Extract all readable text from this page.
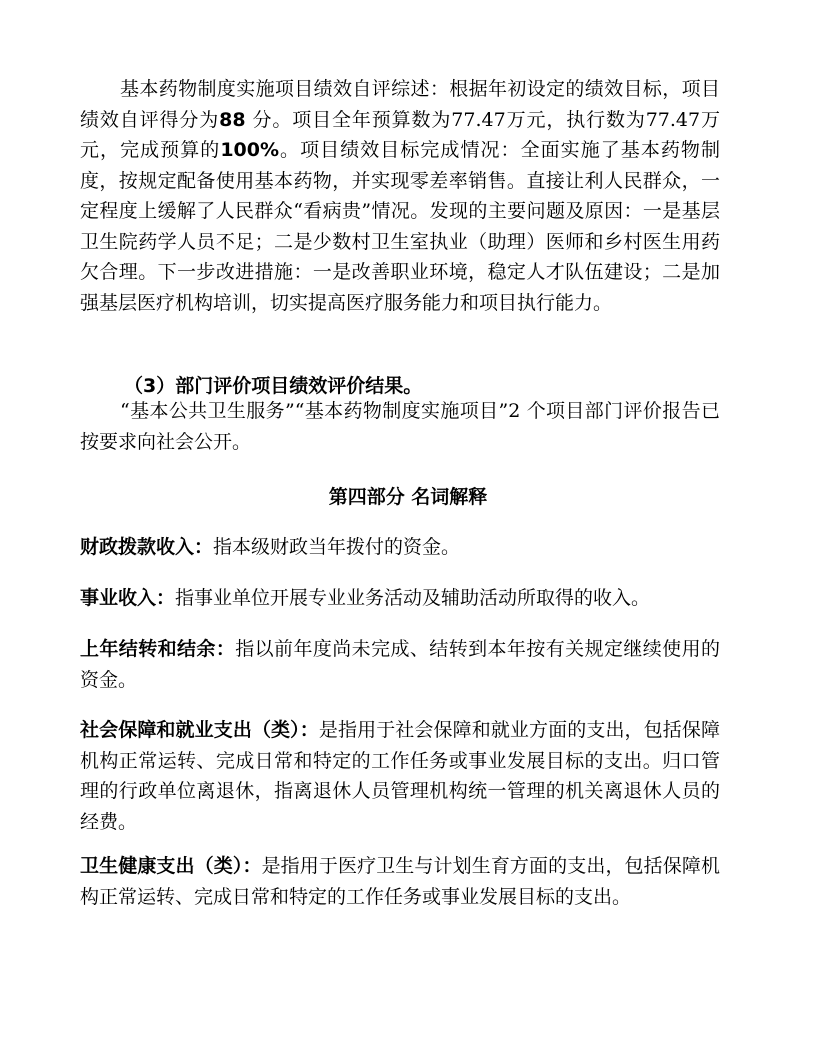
基本药物制度实施项目绩效自评综述：根据年初设定的绩效目标，项目绩效自评得分为88 分。项目全年预算数为77.47万元，执行数为77.47万元，完成预算的100%。项目绩效目标完成情况：全面实施了基本药物制度，按规定配备使用基本药物，并实现零差率销售。直接让利人民群众，一定程度上缓解了人民群众“看病贵”情况。发现的主要问题及原因：一是基层卫生院药学人员不足；二是少数村卫生室执业（助理）医师和乡村医生用药欠合理。下一步改进措施：一是改善职业环境，稳定人才队伍建设；二是加强基层医疗机构培训，切实提高医疗服务能力和项目执行能力。

（3）部门评价项目绩效评价结果。

“基本公共卫生服务”“基本药物制度实施项目”2 个项目部门评价报告已按要求向社会公开。

第四部分 名词解释

财政拨款收入：指本级财政当年拨付的资金。

事业收入：指事业单位开展专业业务活动及辅助活动所取得的收入。

上年结转和结余：指以前年度尚未完成、结转到本年按有关规定继续使用的资金。

社会保障和就业支出（类）：是指用于社会保障和就业方面的支出，包括保障机构正常运转、完成日常和特定的工作任务或事业发展目标的支出。归口管理的行政单位离退休，指离退休人员管理机构统一管理的机关离退休人员的经费。

卫生健康支出（类）：是指用于医疗卫生与计划生育方面的支出，包括保障机构正常运转、完成日常和特定的工作任务或事业发展目标的支出。
